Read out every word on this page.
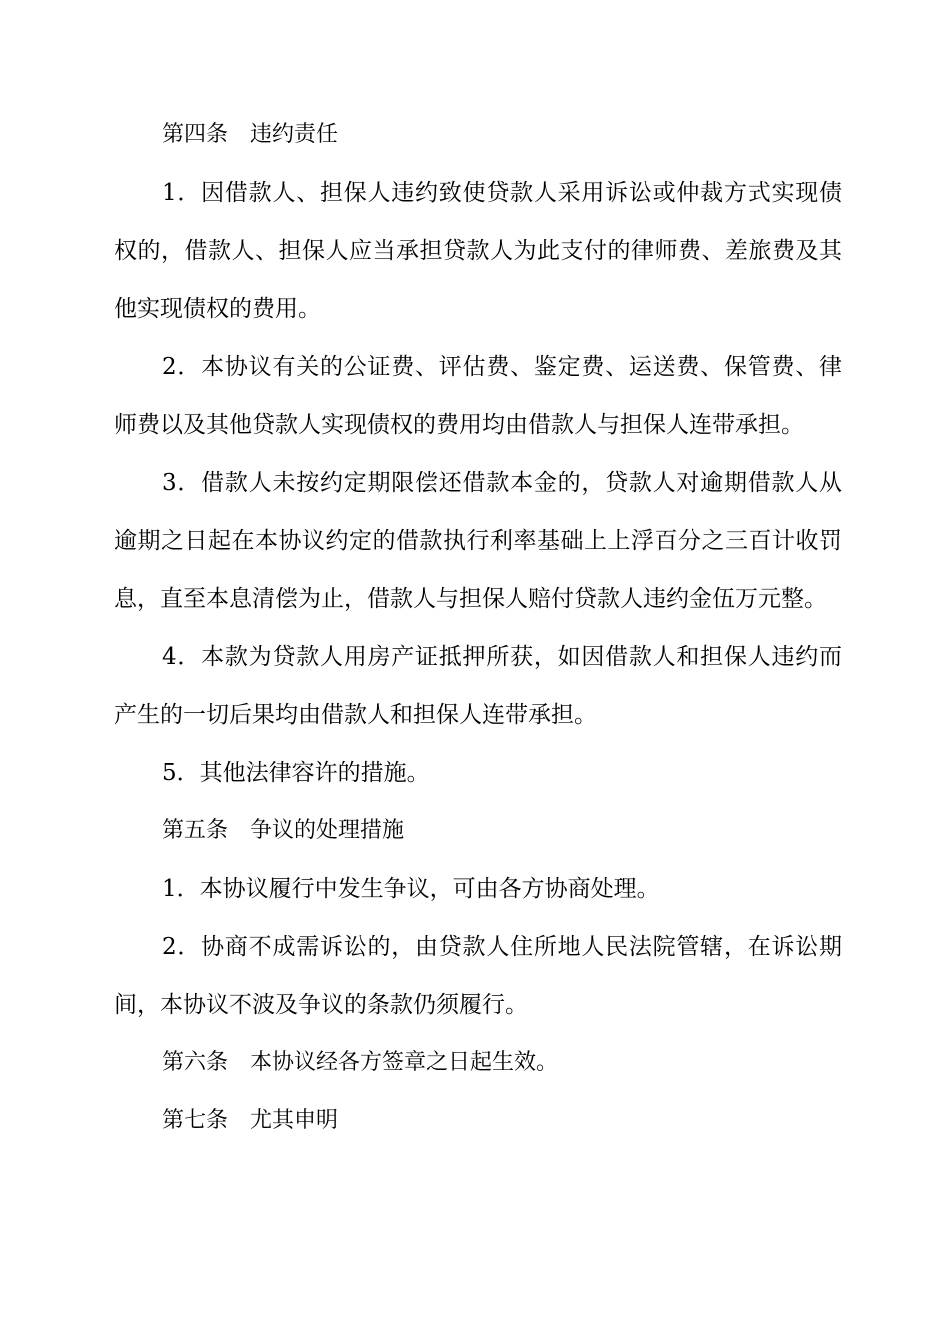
第四条　违约责任

1．因借款人、担保人违约致使贷款人采用诉讼或仲裁方式实现债权的，借款人、担保人应当承担贷款人为此支付的律师费、差旅费及其他实现债权的费用。

2．本协议有关的公证费、评估费、鉴定费、运送费、保管费、律师费以及其他贷款人实现债权的费用均由借款人与担保人连带承担。

3．借款人未按约定期限偿还借款本金的，贷款人对逾期借款人从逾期之日起在本协议约定的借款执行利率基础上上浮百分之三百计收罚息，直至本息清偿为止，借款人与担保人赔付贷款人违约金伍万元整。

4．本款为贷款人用房产证抵押所获，如因借款人和担保人违约而产生的一切后果均由借款人和担保人连带承担。

5．其他法律容许的措施。

第五条　争议的处理措施

1．本协议履行中发生争议，可由各方协商处理。

2．协商不成需诉讼的，由贷款人住所地人民法院管辖，在诉讼期间，本协议不波及争议的条款仍须履行。

第六条　本协议经各方签章之日起生效。

第七条　尤其申明
